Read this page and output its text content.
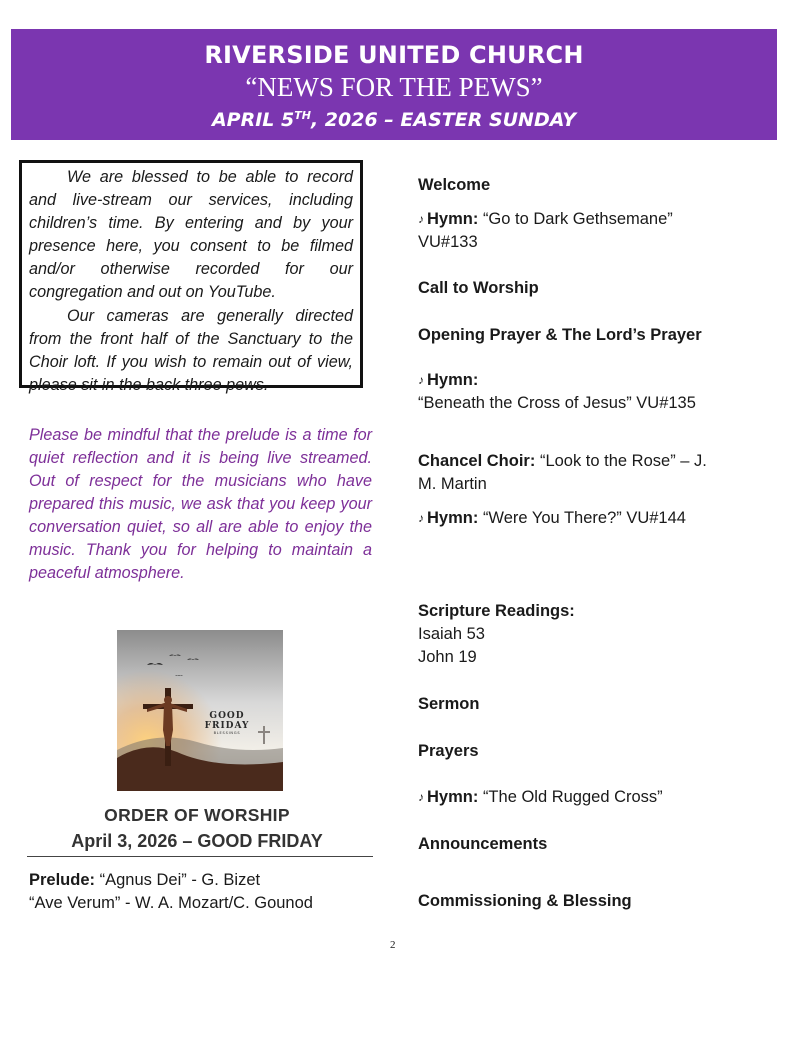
RIVERSIDE UNITED CHURCH
“NEWS FOR THE PEWS”
APRIL 5TH, 2026 – EASTER SUNDAY

We are blessed to be able to record and live-stream our services, including children’s time. By entering and by your presence here, you consent to be filmed and/or otherwise recorded for our congregation and out on YouTube.

Our cameras are generally directed from the front half of the Sanctuary to the Choir loft. If you wish to remain out of view, please sit in the back three pews.

Please be mindful that the prelude is a time for quiet reflection and it is being live streamed. Out of respect for the musicians who have prepared this music, we ask that you keep your conversation quiet, so all are able to enjoy the music. Thank you for helping to maintain a peaceful atmosphere.

GOOD
FRIDAY
BLESSINGS
ORDER OF WORSHIP
April 3, 2026 – GOOD FRIDAY
Prelude: “Agnus Dei” - G. Bizet
“Ave Verum” - W. A. Mozart/C. Gounod
Welcome
♪ Hymn: “Go to Dark Gethsemane”
VU#133
Call to Worship
Opening Prayer & The Lord’s Prayer
♪ Hymn:
“Beneath the Cross of Jesus” VU#135
Chancel Choir: “Look to the Rose” – J.
M. Martin
♪ Hymn: “Were You There?” VU#144
Scripture Readings:
Isaiah 53
John 19
Sermon
Prayers
♪ Hymn: “The Old Rugged Cross”
Announcements
Commissioning & Blessing
2
